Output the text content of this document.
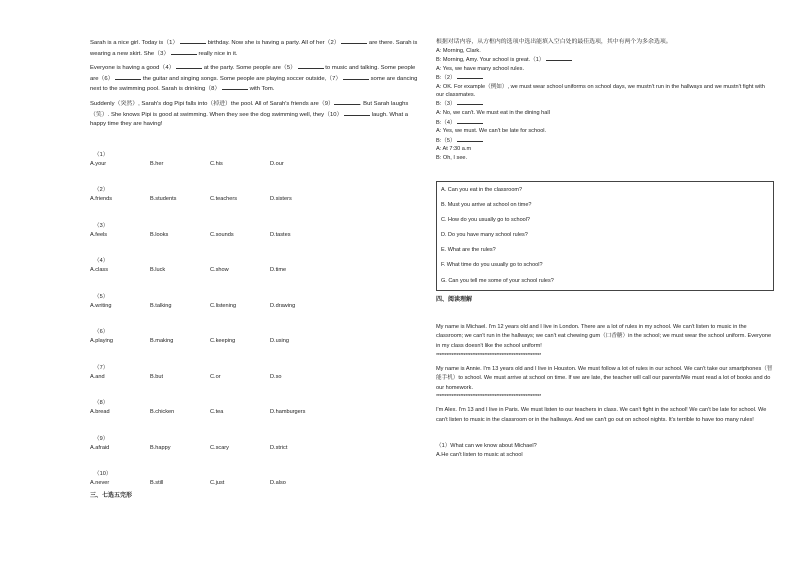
Sarah is a nice girl. Today is（1）	birthday. Now she is having a party. All of her（2）	are there. Sarah is wearing a new skirt. She（3）	really nice in it.

Everyone is having a good（4）	at the party. Some people are（5）	to music and talking. Some people are（6）	the guitar and singing songs. Some people are playing soccer outside,（7）	some are dancing next to the swimming pool. Sarah is drinking（8）	with Tom.

Suddenly（突然）, Sarah's dog Pipi falls into（掉进）the pool. All of Sarah's friends are（9）	. But Sarah laughs（笑）. She knows Pipi is good at swimming. When they see the dog swimming well, they（10）	laugh. What a happy time they are having!

（1）
A.your	B.her	C.his	D.our
（2）
A.friends	B.students	C.teachers	D.sisters
（3）
A.feels	B.looks	C.sounds	D.tastes
（4）
A.class	B.luck	C.show	D.time
（5）
A.writing	B.talking	C.listening	D.drawing
（6）
A.playing	B.making	C.keeping	D.using
（7）
A.and	B.but	C.or	D.so
（8）
A.bread	B.chicken	C.tea	D.hamburgers
（9）
A.afraid	B.happy	C.scary	D.strict
（10）
A.never	B.still	C.just	D.also
三、七选五完形
根据对话内容，从方框内的选项中选出能填入空白处的最佳选项，其中有两个为多余选项。

A: Morning, Clark.

B: Morning, Amy. Your school is great.（1）

A: Yes, we have many school rules.

B:（2）

A: OK. For example（例如）, we must wear school uniforms on school days, we mustn't run in the hallways and we mustn't fight with our classmates.

B:（3）

A: No, we can't. We must eat in the dining hall

B:（4）

A: Yes, we must. We can't be late for school.

B:（5）

A: At 7:30 a.m

B: Oh, I see.

A. Can you eat in the classroom?
B. Must you arrive at school on time?
C. How do you usually go to school?
D. Do you have many school rules?
E. What are the rules?
F. What time do you usually go to school?
G. Can you tell me some of your school rules?
四、阅读理解
My name is Michael. I'm 12 years old and I live in London. There are a lot of rules in my school. We can't listen to music in the classroom; we can't run in the hallways; we can't eat chewing gum（口香糖）in the school; we must wear the school uniform. Everyone in my class doesn't like the school uniform!
*************************************************************
My name is Annie. I'm 13 years old and I live in Houston. We must follow a lot of rules in our school. We can't take our smartphones（智能手机）to school. We must arrive at school on time. If we are late, the teacher will call our parents!We must read a lot of books and do our homework.
*************************************************************
I'm Alex. I'm 13 and I live in Paris. We must listen to our teachers in class. We can't fight in the school! We can't be late for school. We can't listen to music in the classroom or in the hallways. And we can't go out on school nights. It's terrible to have too many rules!
（1）What can we know about Michael?
A.He can't listen to music at school
